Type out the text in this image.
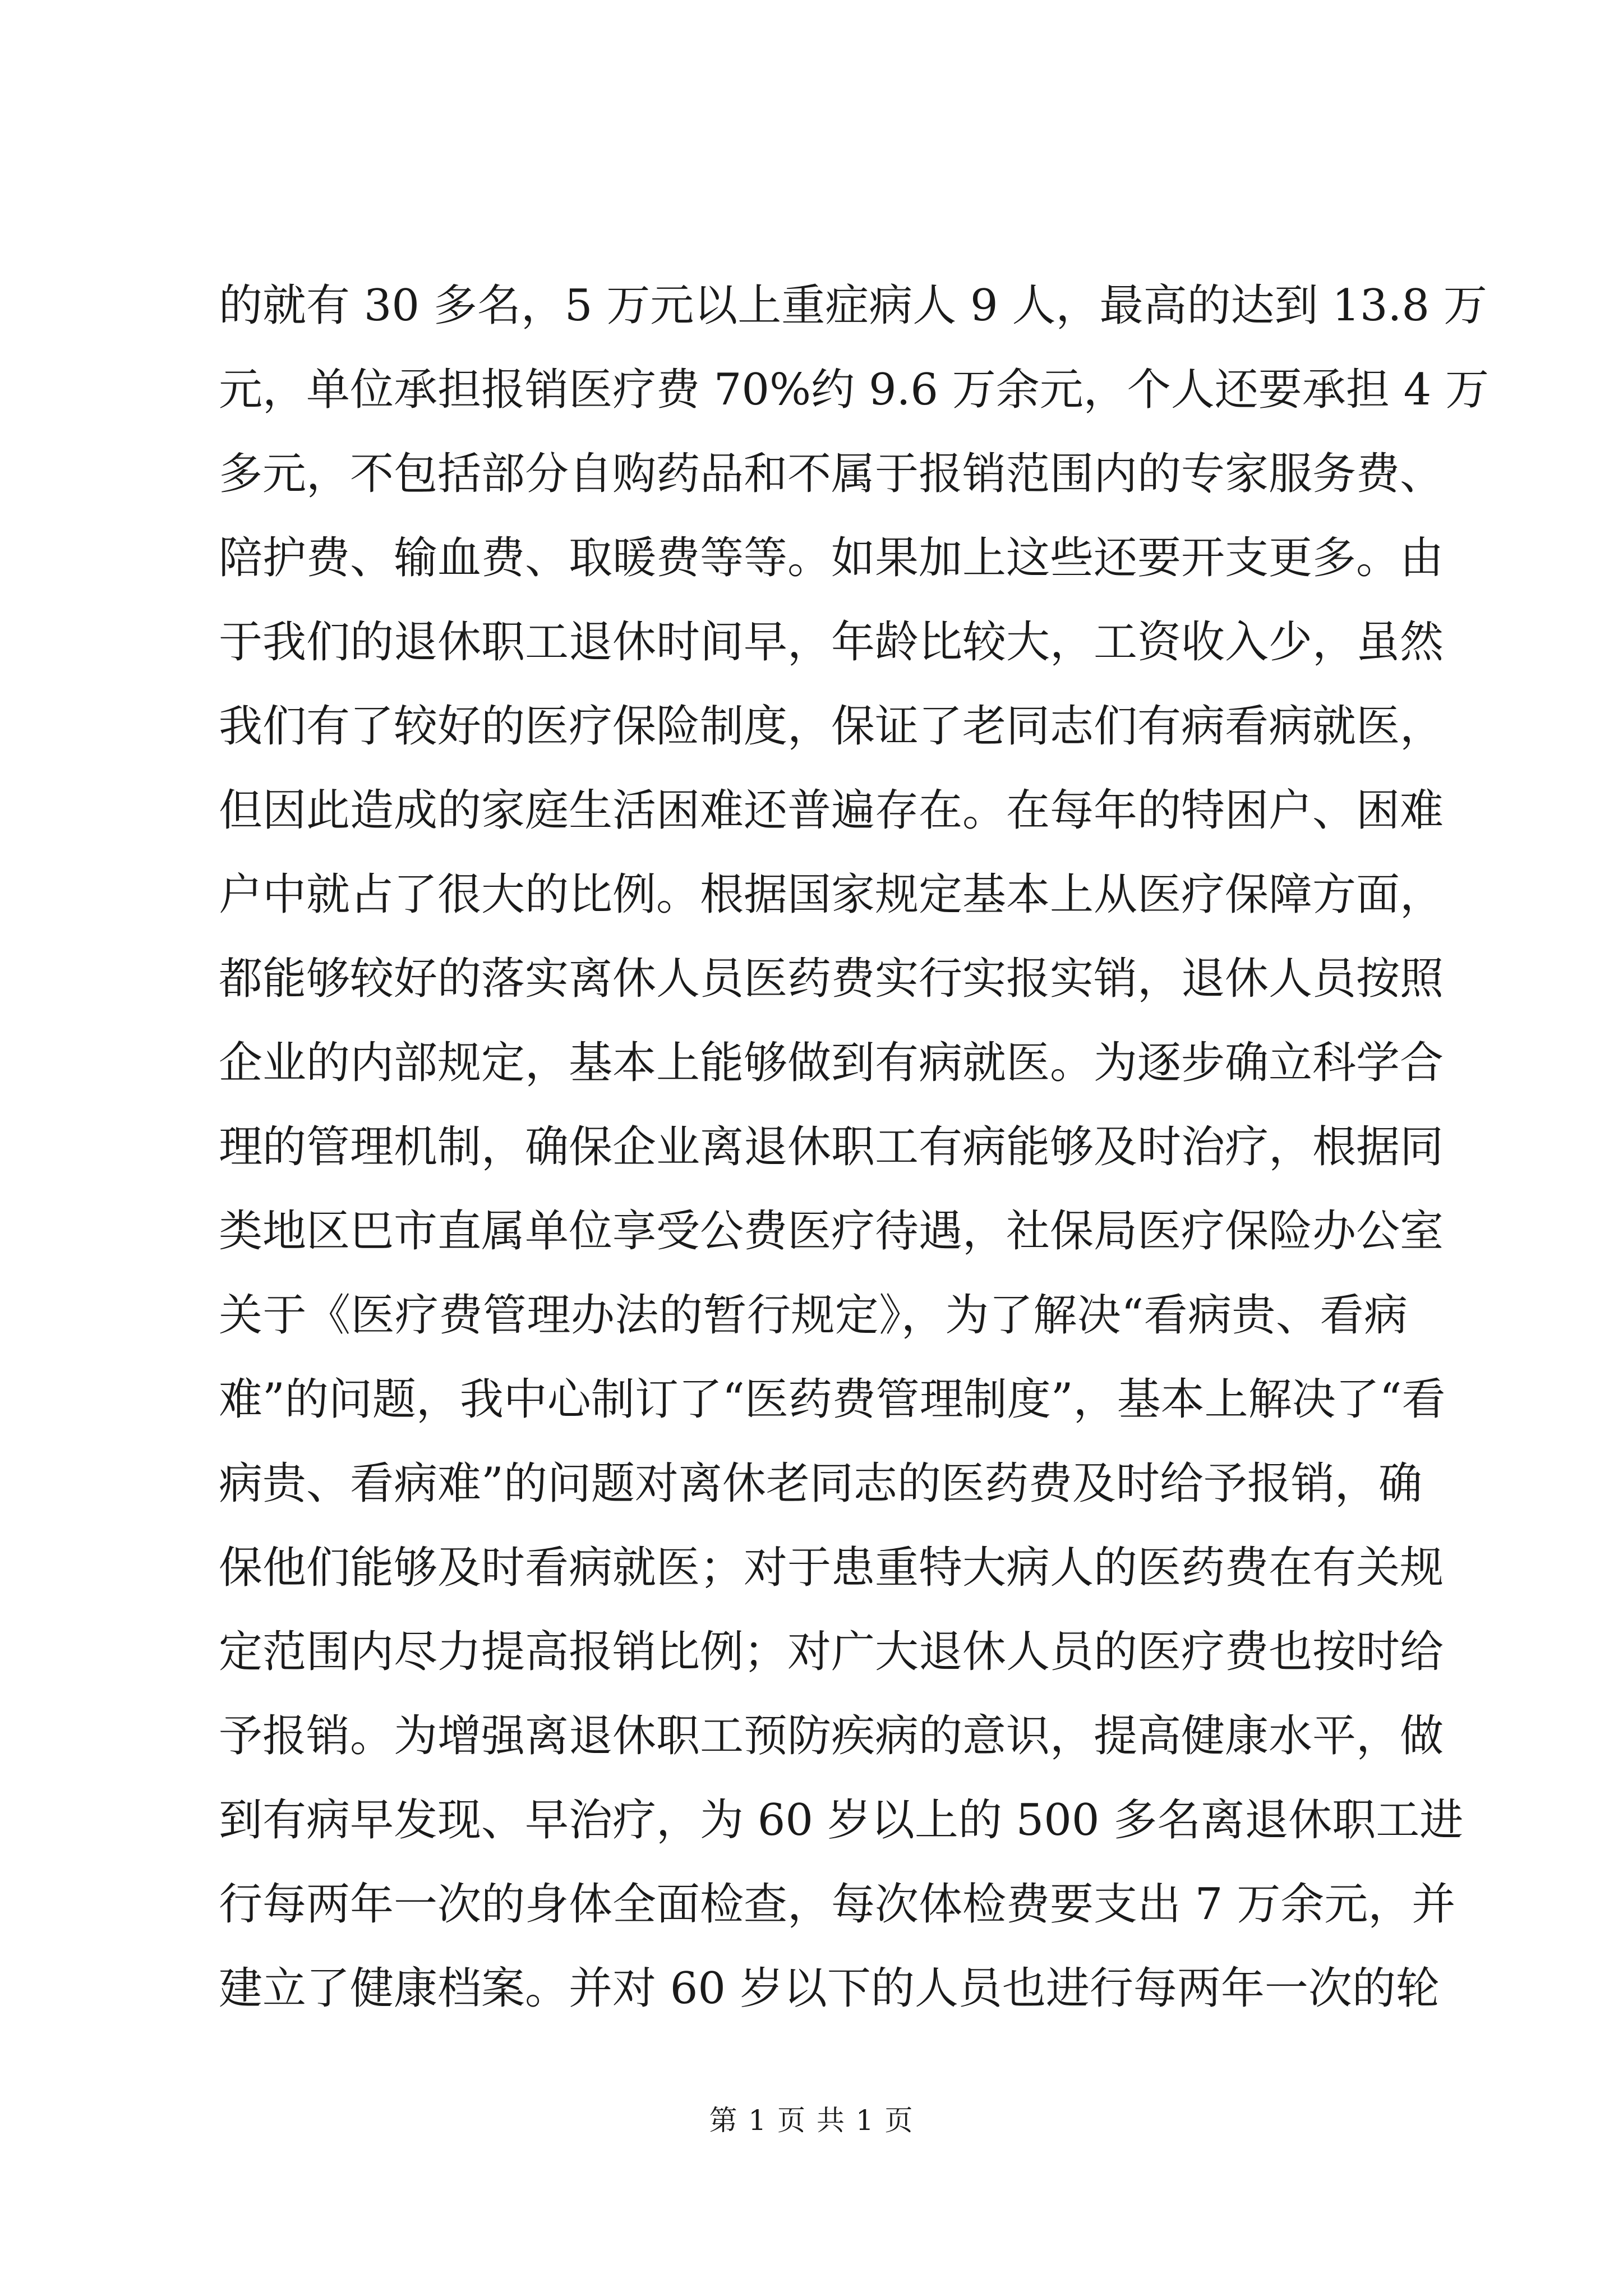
的就有 30 多名，5 万元以上重症病人 9 人，最高的达到 13.8 万
元，单位承担报销医疗费 70%约 9.6 万余元，个人还要承担 4 万
多元，不包括部分自购药品和不属于报销范围内的专家服务费、
陪护费、输血费、取暖费等等。如果加上这些还要开支更多。由
于我们的退休职工退休时间早，年龄比较大，工资收入少，虽然
我们有了较好的医疗保险制度，保证了老同志们有病看病就医，
但因此造成的家庭生活困难还普遍存在。在每年的特困户、困难
户中就占了很大的比例。根据国家规定基本上从医疗保障方面，
都能够较好的落实离休人员医药费实行实报实销，退休人员按照
企业的内部规定，基本上能够做到有病就医。为逐步确立科学合
理的管理机制，确保企业离退休职工有病能够及时治疗，根据同
类地区巴市直属单位享受公费医疗待遇，社保局医疗保险办公室
关于《医疗费管理办法的暂行规定》，为了解决“看病贵、看病
难”的问题，我中心制订了“医药费管理制度”，基本上解决了“看
病贵、看病难”的问题对离休老同志的医药费及时给予报销，确
保他们能够及时看病就医；对于患重特大病人的医药费在有关规
定范围内尽力提高报销比例；对广大退休人员的医疗费也按时给
予报销。为增强离退休职工预防疾病的意识，提高健康水平，做
到有病早发现、早治疗，为 60 岁以上的 500 多名离退休职工进
行每两年一次的身体全面检查，每次体检费要支出 7 万余元，并
建立了健康档案。并对 60 岁以下的人员也进行每两年一次的轮
第 1 页 共 1 页
